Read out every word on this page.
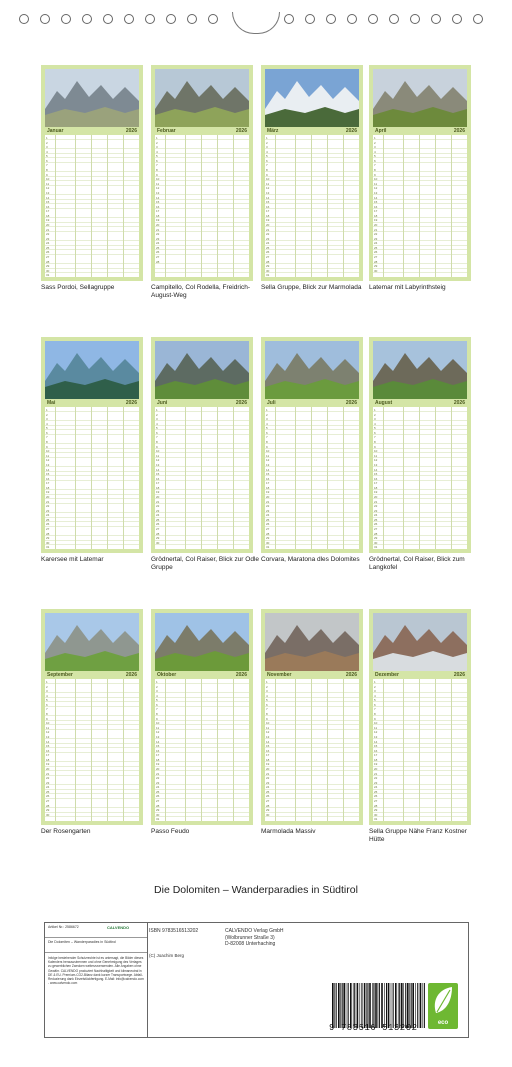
Januar	2026
1
2
3
4
5
6
7
8
9
10
11
12
13
14
15
16
17
18
19
20
21
22
23
24
25
26
27
28
29
30
31

Sass Pordoi, Sellagruppe
Februar	2026
1
2
3
4
5
6
7
8
9
10
11
12
13
14
15
16
17
18
19
20
21
22
23
24
25
26
27
28

Campitello, Col Rodella, Freidrich-August-Weg
März	2026
1
2
3
4
5
6
7
8
9
10
11
12
13
14
15
16
17
18
19
20
21
22
23
24
25
26
27
28
29
30
31

Sella Gruppe, Blick zur Marmolada
April	2026
1
2
3
4
5
6
7
8
9
10
11
12
13
14
15
16
17
18
19
20
21
22
23
24
25
26
27
28
29
30

Latemar mit Labyrinthsteig
Mai	2026
1
2
3
4
5
6
7
8
9
10
11
12
13
14
15
16
17
18
19
20
21
22
23
24
25
26
27
28
29
30
31

Karersee mit Latemar
Juni	2026
1
2
3
4
5
6
7
8
9
10
11
12
13
14
15
16
17
18
19
20
21
22
23
24
25
26
27
28
29
30

Grödnertal, Col Raiser, Blick zur Odle Gruppe
Juli	2026
1
2
3
4
5
6
7
8
9
10
11
12
13
14
15
16
17
18
19
20
21
22
23
24
25
26
27
28
29
30
31

Corvara, Maratona dles Dolomites
August	2026
1
2
3
4
5
6
7
8
9
10
11
12
13
14
15
16
17
18
19
20
21
22
23
24
25
26
27
28
29
30
31

Grödnertal, Col Raiser, Blick zum Langkofel
September	2026
1
2
3
4
5
6
7
8
9
10
11
12
13
14
15
16
17
18
19
20
21
22
23
24
25
26
27
28
29
30

Der Rosengarten
Oktober	2026
1
2
3
4
5
6
7
8
9
10
11
12
13
14
15
16
17
18
19
20
21
22
23
24
25
26
27
28
29
30
31

Passo Feudo
November	2026
1
2
3
4
5
6
7
8
9
10
11
12
13
14
15
16
17
18
19
20
21
22
23
24
25
26
27
28
29
30

Marmolada Massiv
Dezember	2026
1
2
3
4
5
6
7
8
9
10
11
12
13
14
15
16
17
18
19
20
21
22
23
24
25
26
27
28
29
30
31

Sella Gruppe Nähe Franz Kostner Hütte
Die Dolomiten – Wanderparadies in Südtirol
Artikel Nr.: 2586672	CALVENDO
Die Dolomiten – Wanderparadies in Südtirol
Infolge bestehender Schutzrechte ist es untersagt, die Bilder dieses Kalenders herauszutrennen und ohne Genehmigung des Verlages zu gewerblichen Zwecken weiterzuverwenden. Alle Angaben ohne Gewähr. CALVENDO produziert Nachhaltigkeit und klimaneutral in DE & EU. Premium-CO2-Bilanz dank kurzer Transportwege. Abfall-Reduzierung dank Einzelstückfertigung. E-Mail: info@calvendo.com - www.calvendo.com
ISBN 9783516513202
(C) Joachim Berg
CALVENDO Verlag GmbH
(Wolbrunner Straße 3)
D-82008 Unterhaching
9 783516 513202	eco
